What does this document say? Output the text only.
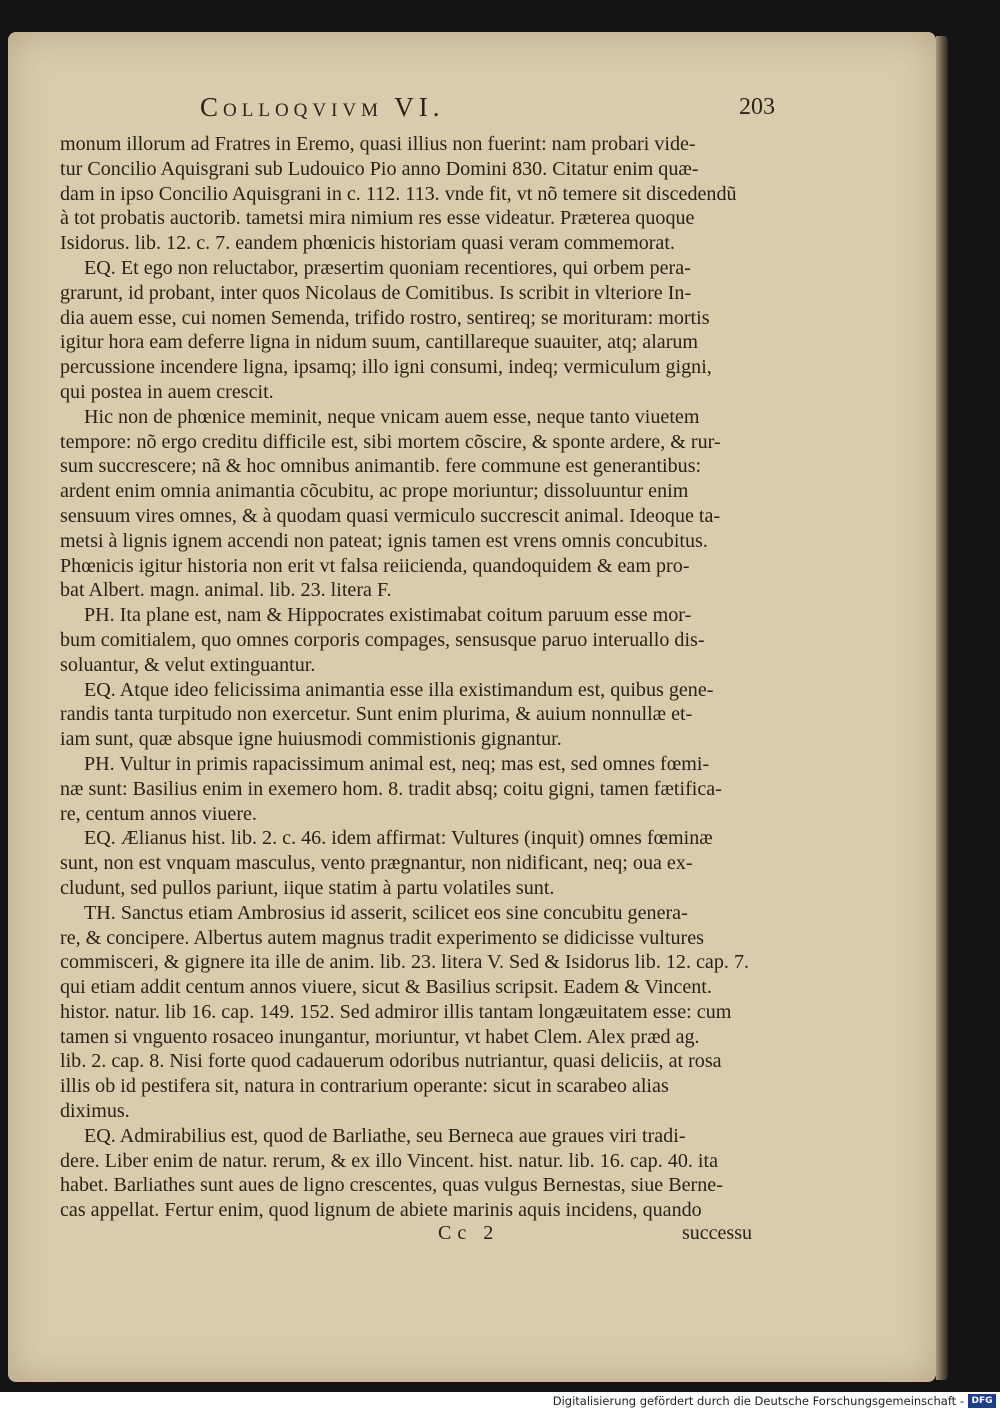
Colloqvivm VI.	203
monum illorum ad Fratres in Eremo, quasi illius non fuerint: nam probari vide-
tur Concilio Aquisgrani sub Ludouico Pio anno Domini 830. Citatur enim quæ-
dam in ipso Concilio Aquisgrani in c. 112. 113. vnde fit, vt nõ temere sit discedendũ
à tot probatis auctorib. tametsi mira nimium res esse videatur. Præterea quoque
Isidorus. lib. 12. c. 7. eandem phœnicis historiam quasi veram commemorat.
EQ. Et ego non reluctabor, præsertim quoniam recentiores, qui orbem pera-
grarunt, id probant, inter quos Nicolaus de Comitibus. Is scribit in vlteriore In-
dia auem esse, cui nomen Semenda, trifido rostro, sentireq; se morituram: mortis
igitur hora eam deferre ligna in nidum suum, cantillareque suauiter, atq; alarum
percussione incendere ligna, ipsamq; illo igni consumi, indeq; vermiculum gigni,
qui postea in auem crescit.
Hic non de phœnice meminit, neque vnicam auem esse, neque tanto viuetem
tempore: nõ ergo creditu difficile est, sibi mortem cõscire, & sponte ardere, & rur-
sum succrescere; nã & hoc omnibus animantib. fere commune est generantibus:
ardent enim omnia animantia cõcubitu, ac prope moriuntur; dissoluuntur enim
sensuum vires omnes, & à quodam quasi vermiculo succrescit animal. Ideoque ta-
metsi à lignis ignem accendi non pateat; ignis tamen est vrens omnis concubitus.
Phœnicis igitur historia non erit vt falsa reiicienda, quandoquidem & eam pro-
bat Albert. magn. animal. lib. 23. litera F.
PH. Ita plane est, nam & Hippocrates existimabat coitum paruum esse mor-
bum comitialem, quo omnes corporis compages, sensusque paruo interuallo dis-
soluantur, & velut extinguantur.
EQ. Atque ideo felicissima animantia esse illa existimandum est, quibus gene-
randis tanta turpitudo non exercetur. Sunt enim plurima, & auium nonnullæ et-
iam sunt, quæ absque igne huiusmodi commistionis gignantur.
PH. Vultur in primis rapacissimum animal est, neq; mas est, sed omnes fœmi-
næ sunt: Basilius enim in exemero hom. 8. tradit absq; coitu gigni, tamen fætifica-
re, centum annos viuere.
EQ. Ælianus hist. lib. 2. c. 46. idem affirmat: Vultures (inquit) omnes fœminæ
sunt, non est vnquam masculus, vento prægnantur, non nidificant, neq; oua ex-
cludunt, sed pullos pariunt, iique statim à partu volatiles sunt.
TH. Sanctus etiam Ambrosius id asserit, scilicet eos sine concubitu genera-
re, & concipere. Albertus autem magnus tradit experimento se didicisse vultures
commisceri, & gignere ita ille de anim. lib. 23. litera V. Sed & Isidorus lib. 12. cap. 7.
qui etiam addit centum annos viuere, sicut & Basilius scripsit. Eadem & Vincent.
histor. natur. lib 16. cap. 149. 152. Sed admiror illis tantam longæuitatem esse: cum
tamen si vnguento rosaceo inungantur, moriuntur, vt habet Clem. Alex præd ag.
lib. 2. cap. 8. Nisi forte quod cadauerum odoribus nutriantur, quasi deliciis, at rosa
illis ob id pestifera sit, natura in contrarium operante: sicut in scarabeo alias
diximus.
EQ. Admirabilius est, quod de Barliathe, seu Berneca aue graues viri tradi-
dere. Liber enim de natur. rerum, & ex illo Vincent. hist. natur. lib. 16. cap. 40. ita
habet. Barliathes sunt aues de ligno crescentes, quas vulgus Bernestas, siue Berne-
cas appellat. Fertur enim, quod lignum de abiete marinis aquis incidens, quando
Cc 2	successu
Digitalisierung gefördert durch die Deutsche Forschungsgemeinschaft - DFG
